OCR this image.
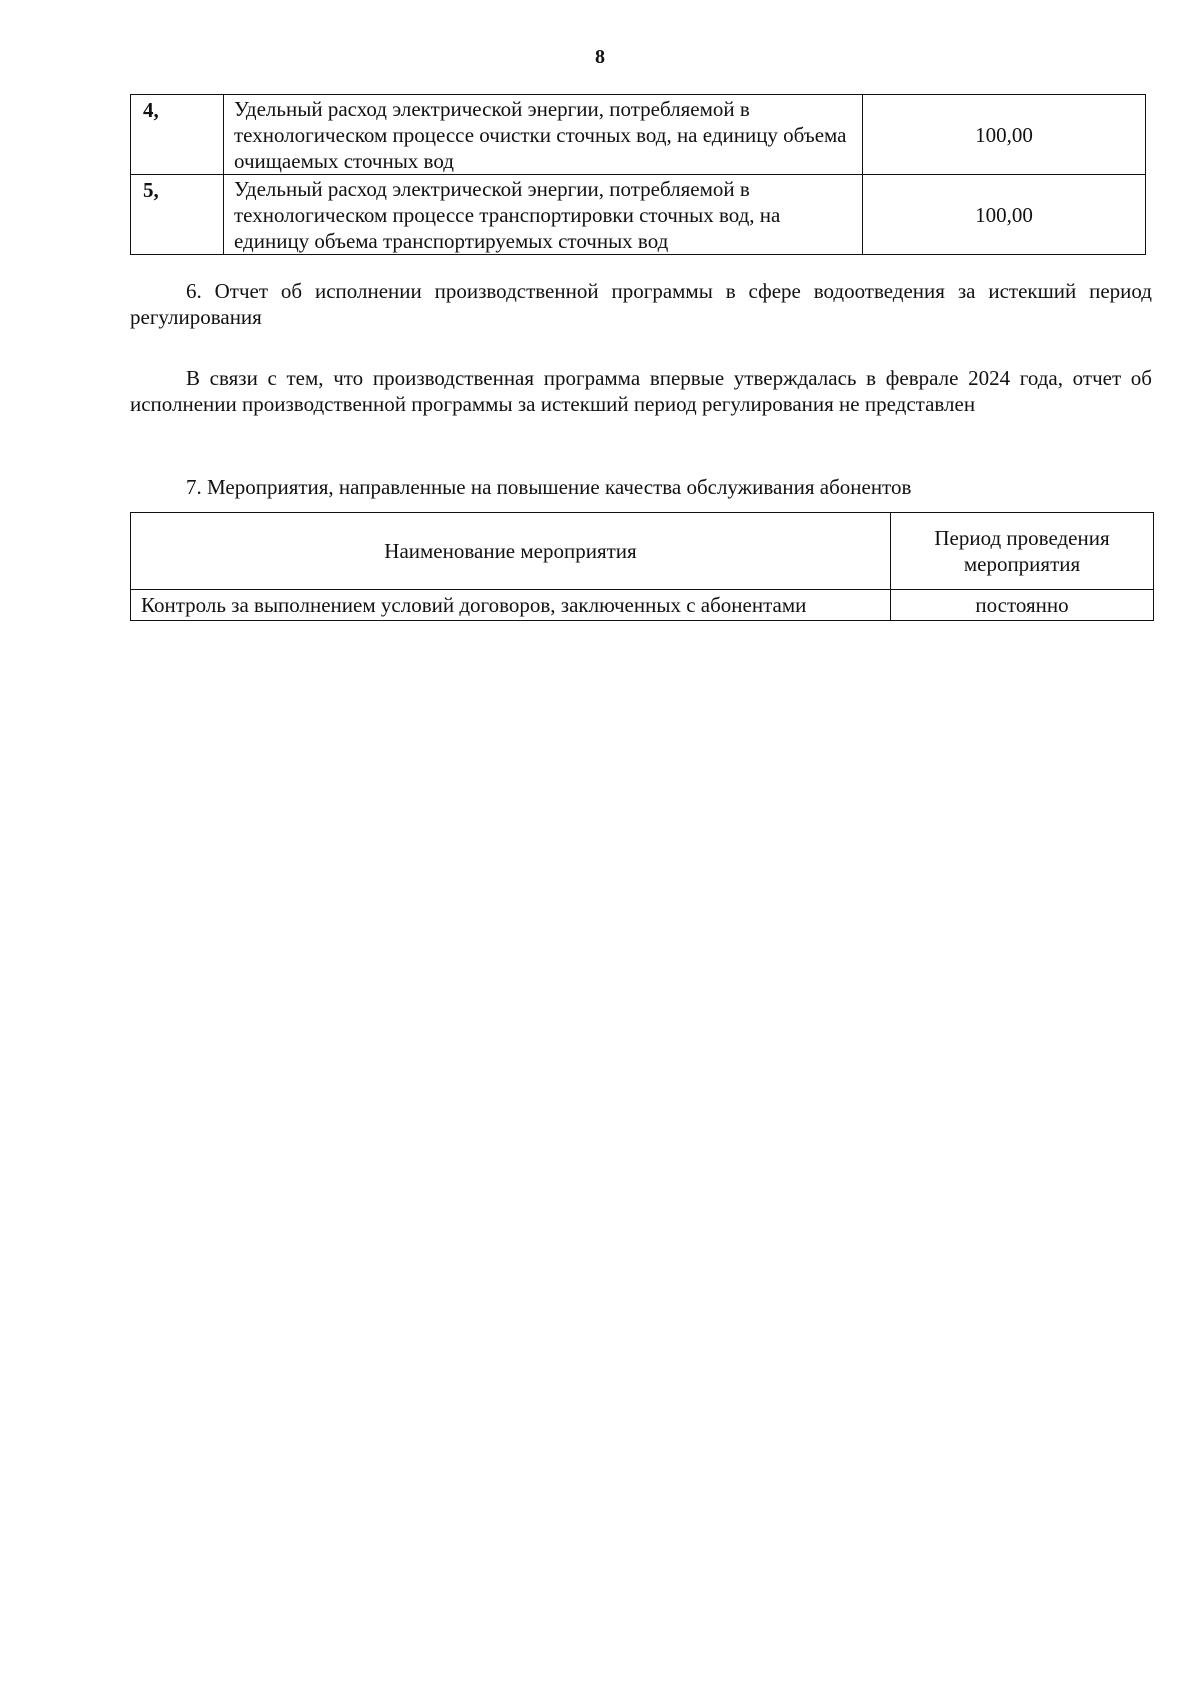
8
4,	Удельный расход электрической энергии, потребляемой в технологическом процессе очистки сточных вод, на единицу объема очищаемых сточных вод	100,00
5,	Удельный расход электрической энергии, потребляемой в технологическом процессе транспортировки сточных вод, на единицу объема транспортируемых сточных вод	100,00

6. Отчет об исполнении производственной программы в сфере водоотведения за истекший период регулирования

В связи с тем, что производственная программа впервые утверждалась в феврале 2024 года, отчет об исполнении производственной программы за истекший период регулирования не представлен

7. Мероприятия, направленные на повышение качества обслуживания абонентов

Наименование мероприятия	Период проведения мероприятия
Контроль за выполнением условий договоров, заключенных с абонентами	постоянно
